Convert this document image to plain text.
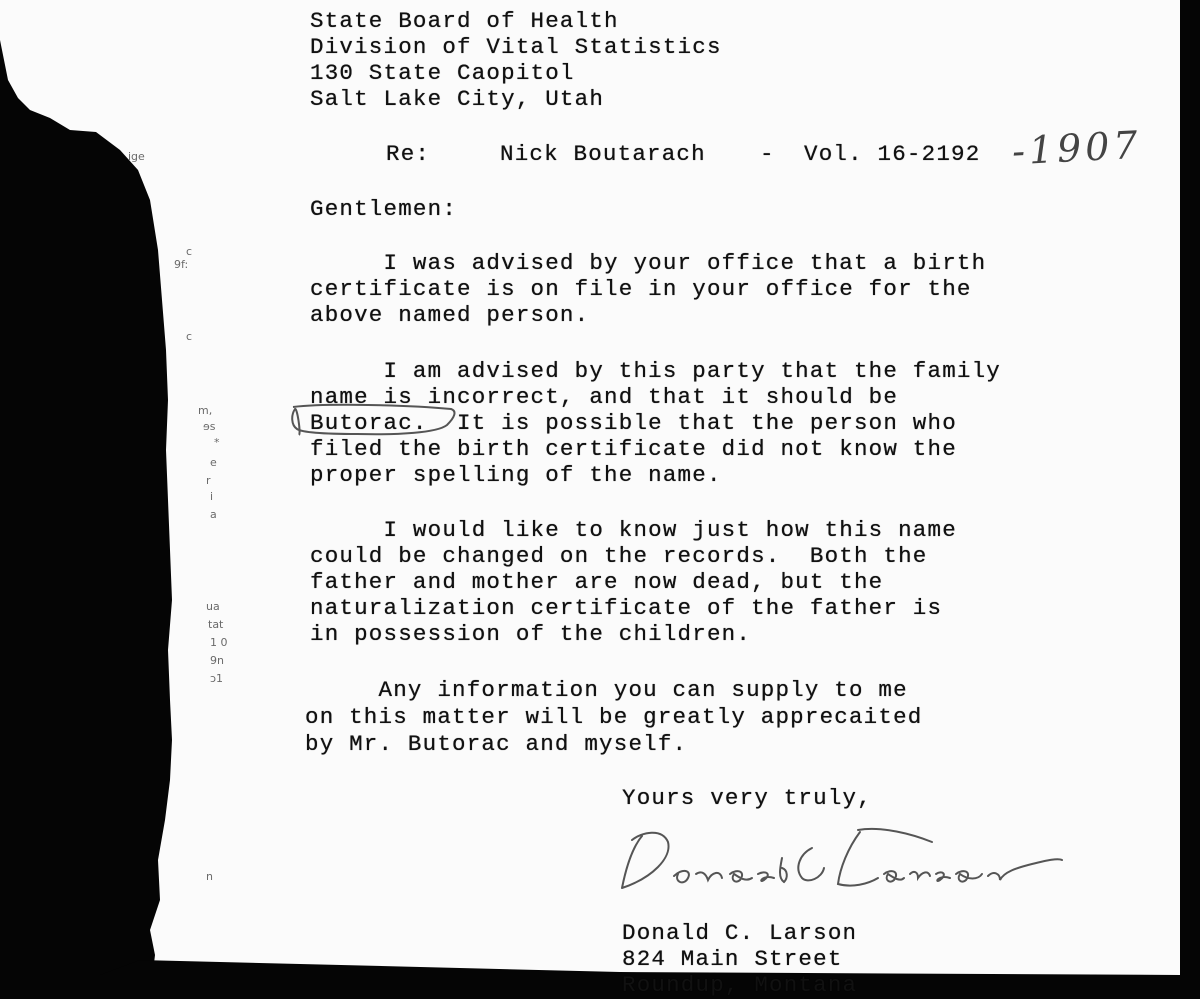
ige
c
9f:
c
m,
ɘs
*
e
r
i
a
ua
tat
1 0
9n
ɔ1
n
State Board of Health
Division of Vital Statistics
130 State Caopitol
Salt Lake City, Utah
Re:	Nick Boutarach - Vol. 16-2192 -1907
Gentlemen:
I was advised by your office that a birth
certificate is on file in your office for the
above named person.
I am advised by this party that the family
name is incorrect, and that it should be
Butorac.  It is possible that the person who
filed the birth certificate did not know the
proper spelling of the name.
I would like to know just how this name
could be changed on the records.  Both the
father and mother are now dead, but the
naturalization certificate of the father is
in possession of the children.
Any information you can supply to me
on this matter will be greatly apprecaited
by Mr. Butorac and myself.
Yours very truly,
Donald C. Larson
824 Main Street
Roundup, Montana
